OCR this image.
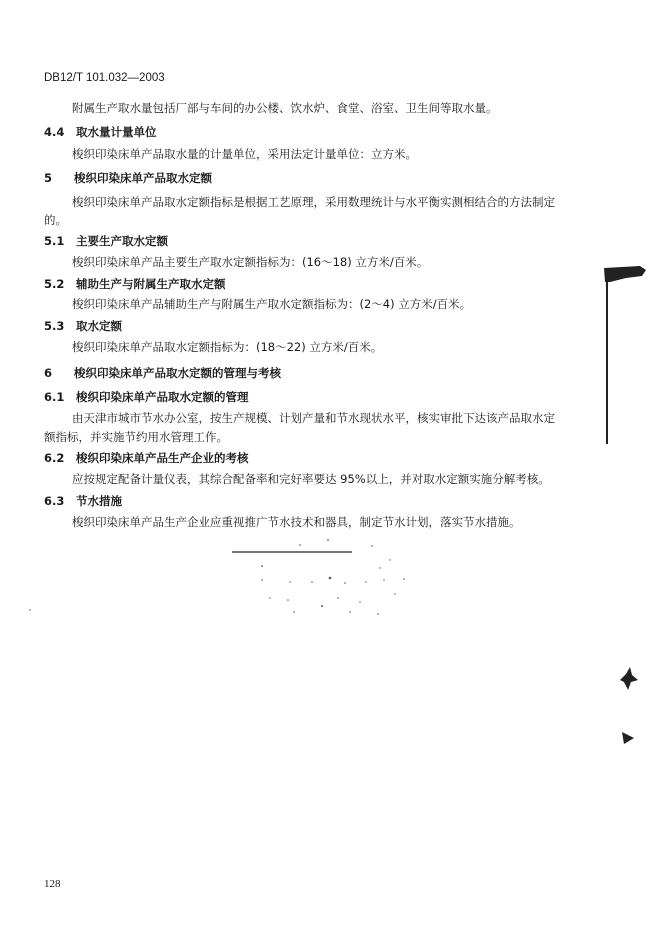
DB12/T 101.032—2003
附属生产取水量包括厂部与车间的办公楼、饮水炉、食堂、浴室、卫生间等取水量。
4.4 取水量计量单位
梭织印染床单产品取水量的计量单位，采用法定计量单位：立方米。
5 梭织印染床单产品取水定额
梭织印染床单产品取水定额指标是根据工艺原理，采用数理统计与水平衡实测相结合的方法制定
的。
5.1 主要生产取水定额
梭织印染床单产品主要生产取水定额指标为：(16～18) 立方米/百米。
5.2 辅助生产与附属生产取水定额
梭织印染床单产品辅助生产与附属生产取水定额指标为：(2～4) 立方米/百米。
5.3 取水定额
梭织印染床单产品取水定额指标为：(18～22) 立方米/百米。
6 梭织印染床单产品取水定额的管理与考核
6.1 梭织印染床单产品取水定额的管理
由天津市城市节水办公室，按生产规模、计划产量和节水现状水平，核实审批下达该产品取水定
额指标，并实施节约用水管理工作。
6.2 梭织印染床单产品生产企业的考核
应按规定配备计量仪表，其综合配备率和完好率要达 95%以上，并对取水定额实施分解考核。
6.3 节水措施
梭织印染床单产品生产企业应重视推广节水技术和器具，制定节水计划，落实节水措施。
128
